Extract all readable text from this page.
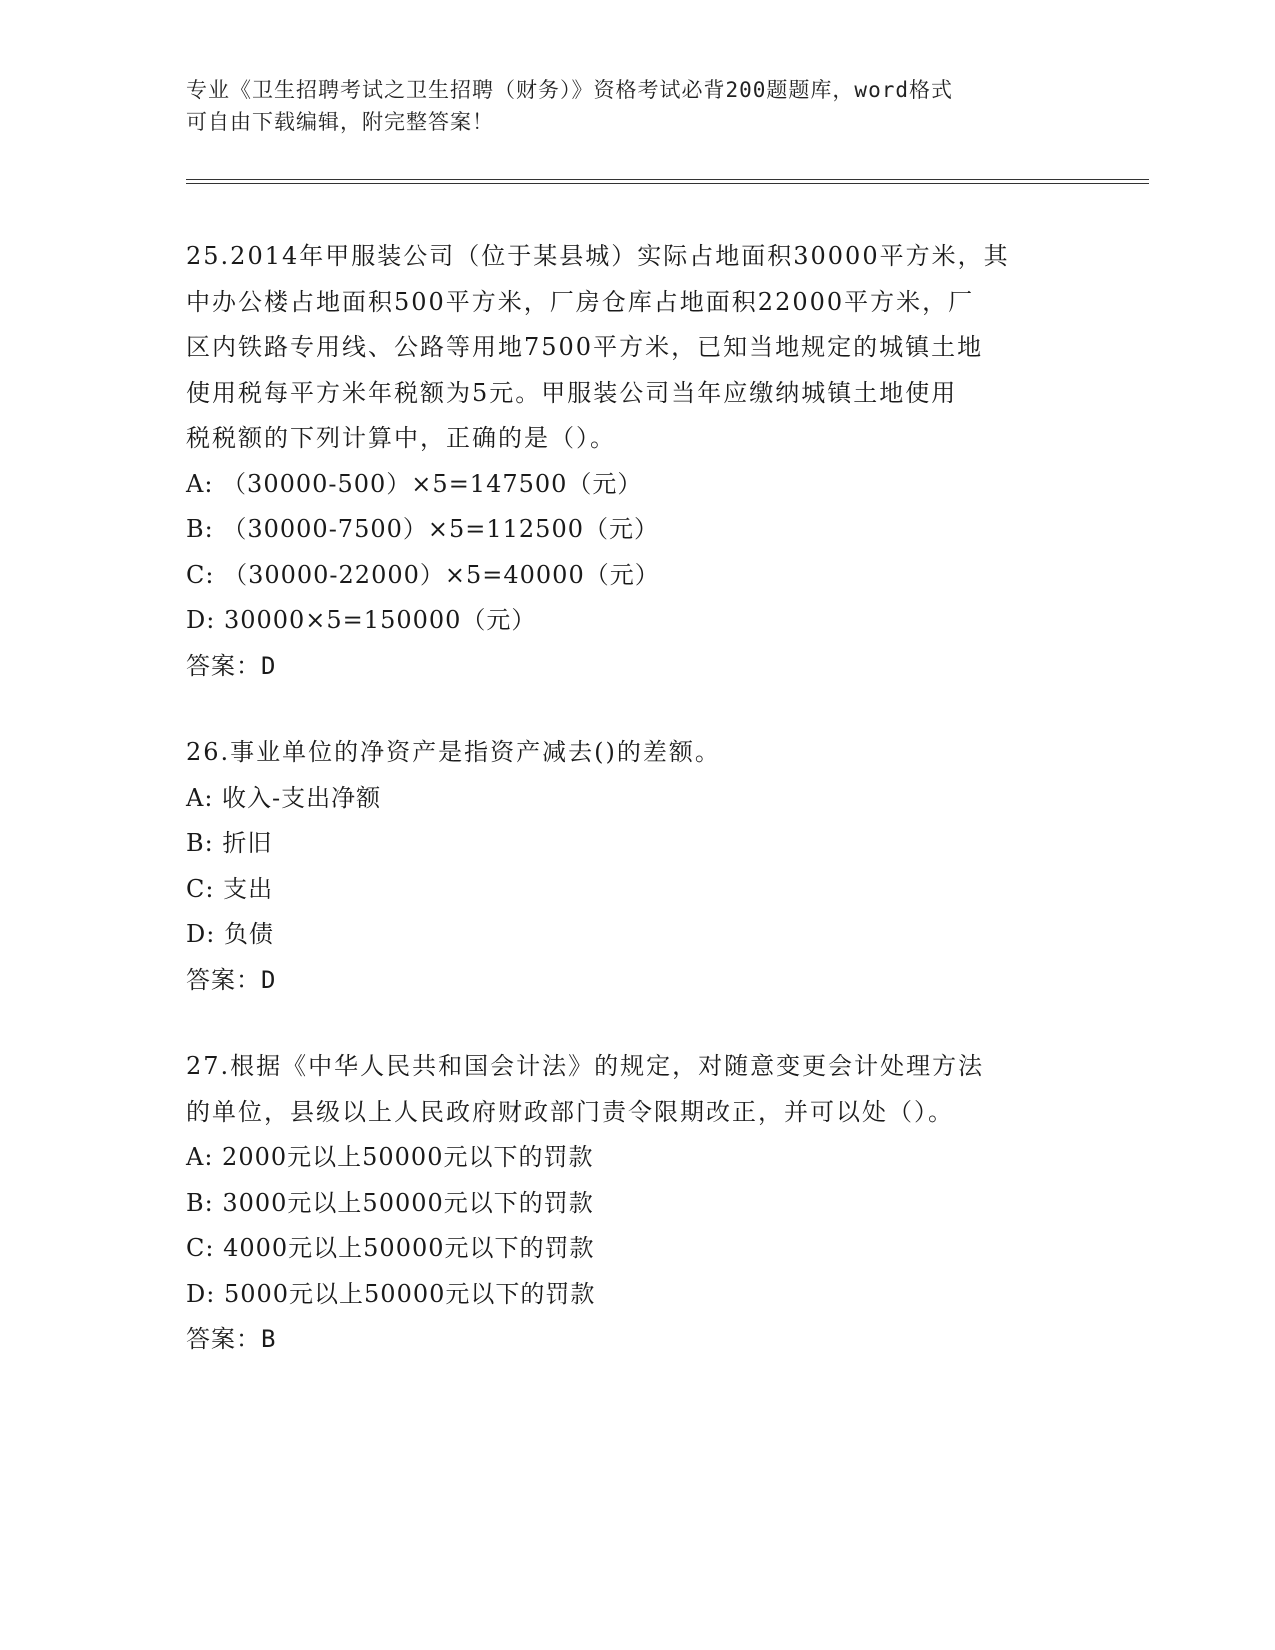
专业《卫生招聘考试之卫生招聘（财务）》资格考试必背200题题库，word格式
可自由下载编辑，附完整答案！
25.2014年甲服装公司（位于某县城）实际占地面积30000平方米，其
中办公楼占地面积500平方米，厂房仓库占地面积22000平方米，厂
区内铁路专用线、公路等用地7500平方米，已知当地规定的城镇土地
使用税每平方米年税额为5元。甲服装公司当年应缴纳城镇土地使用
税税额的下列计算中，正确的是（）。
A: （30000-500）×5=147500（元）
B: （30000-7500）×5=112500（元）
C: （30000-22000）×5=40000（元）
D: 30000×5=150000（元）
答案：D
26.事业单位的净资产是指资产减去()的差额。
A: 收入-支出净额
B: 折旧
C: 支出
D: 负债
答案：D
27.根据《中华人民共和国会计法》的规定，对随意变更会计处理方法
的单位，县级以上人民政府财政部门责令限期改正，并可以处（）。
A: 2000元以上50000元以下的罚款
B: 3000元以上50000元以下的罚款
C: 4000元以上50000元以下的罚款
D: 5000元以上50000元以下的罚款
答案：B
